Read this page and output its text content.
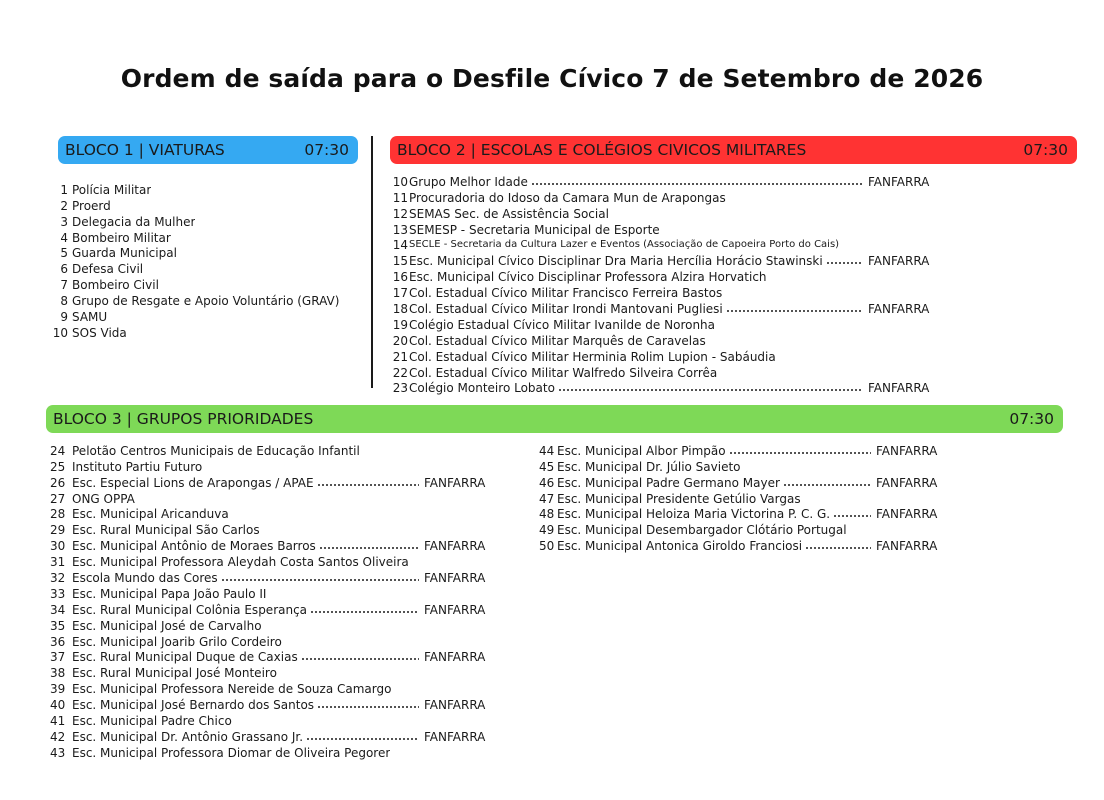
Ordem de saída para o Desfile Cívico 7 de Setembro de 2026
BLOCO 1 | VIATURAS	07:30	BLOCO 2 | ESCOLAS E COLÉGIOS CIVICOS MILITARES	07:30
BLOCO 3 | GRUPOS PRIORIDADES	07:30
1 Polícia Militar
2 Proerd
3 Delegacia da Mulher
4 Bombeiro Militar
5 Guarda Municipal
6 Defesa Civil
7 Bombeiro Civil
8 Grupo de Resgate e Apoio Voluntário (GRAV)
9 SAMU
10 SOS Vida
10 Grupo Melhor Idade	FANFARRA
11 Procuradoria do Idoso da Camara Mun de Arapongas
12 SEMAS Sec. de Assistência Social
13 SEMESP - Secretaria Municipal de Esporte
14 SECLE - Secretaria da Cultura Lazer e Eventos (Associação de Capoeira Porto do Cais)
15 Esc. Municipal Cívico Disciplinar Dra Maria Hercília Horácio Stawinski	FANFARRA
16 Esc. Municipal Cívico Disciplinar Professora Alzira Horvatich
17 Col. Estadual Cívico Militar Francisco Ferreira Bastos
18 Col. Estadual Cívico Militar Irondi Mantovani Pugliesi	FANFARRA
19 Colégio Estadual Cívico Militar Ivanilde de Noronha
20 Col. Estadual Cívico Militar Marquês de Caravelas
21 Col. Estadual Cívico Militar Herminia Rolim Lupion - Sabáudia
22 Col. Estadual Cívico Militar Walfredo Silveira Corrêa
23 Colégio Monteiro Lobato	FANFARRA
24 Pelotão Centros Municipais de Educação Infantil
25 Instituto Partiu Futuro
26 Esc. Especial Lions de Arapongas / APAE	FANFARRA
27 ONG OPPA
28 Esc. Municipal Aricanduva
29 Esc. Rural Municipal São Carlos
30 Esc. Municipal Antônio de Moraes Barros	FANFARRA
31 Esc. Municipal Professora Aleydah Costa Santos Oliveira
32 Escola Mundo das Cores	FANFARRA
33 Esc. Municipal Papa João Paulo II
34 Esc. Rural Municipal Colônia Esperança	FANFARRA
35 Esc. Municipal José de Carvalho
36 Esc. Municipal Joarib Grilo Cordeiro
37 Esc. Rural Municipal Duque de Caxias	FANFARRA
38 Esc. Rural Municipal José Monteiro
39 Esc. Municipal Professora Nereide de Souza Camargo
40 Esc. Municipal José Bernardo dos Santos	FANFARRA
41 Esc. Municipal Padre Chico
42 Esc. Municipal Dr. Antônio Grassano Jr.	FANFARRA
43 Esc. Municipal Professora Diomar de Oliveira Pegorer
44 Esc. Municipal Albor Pimpão	FANFARRA
45 Esc. Municipal Dr. Júlio Savieto
46 Esc. Municipal Padre Germano Mayer	FANFARRA
47 Esc. Municipal Presidente Getúlio Vargas
48 Esc. Municipal Heloiza Maria Victorina P. C. G.	FANFARRA
49 Esc. Municipal Desembargador Clótário Portugal
50 Esc. Municipal Antonica Giroldo Franciosi	FANFARRA
